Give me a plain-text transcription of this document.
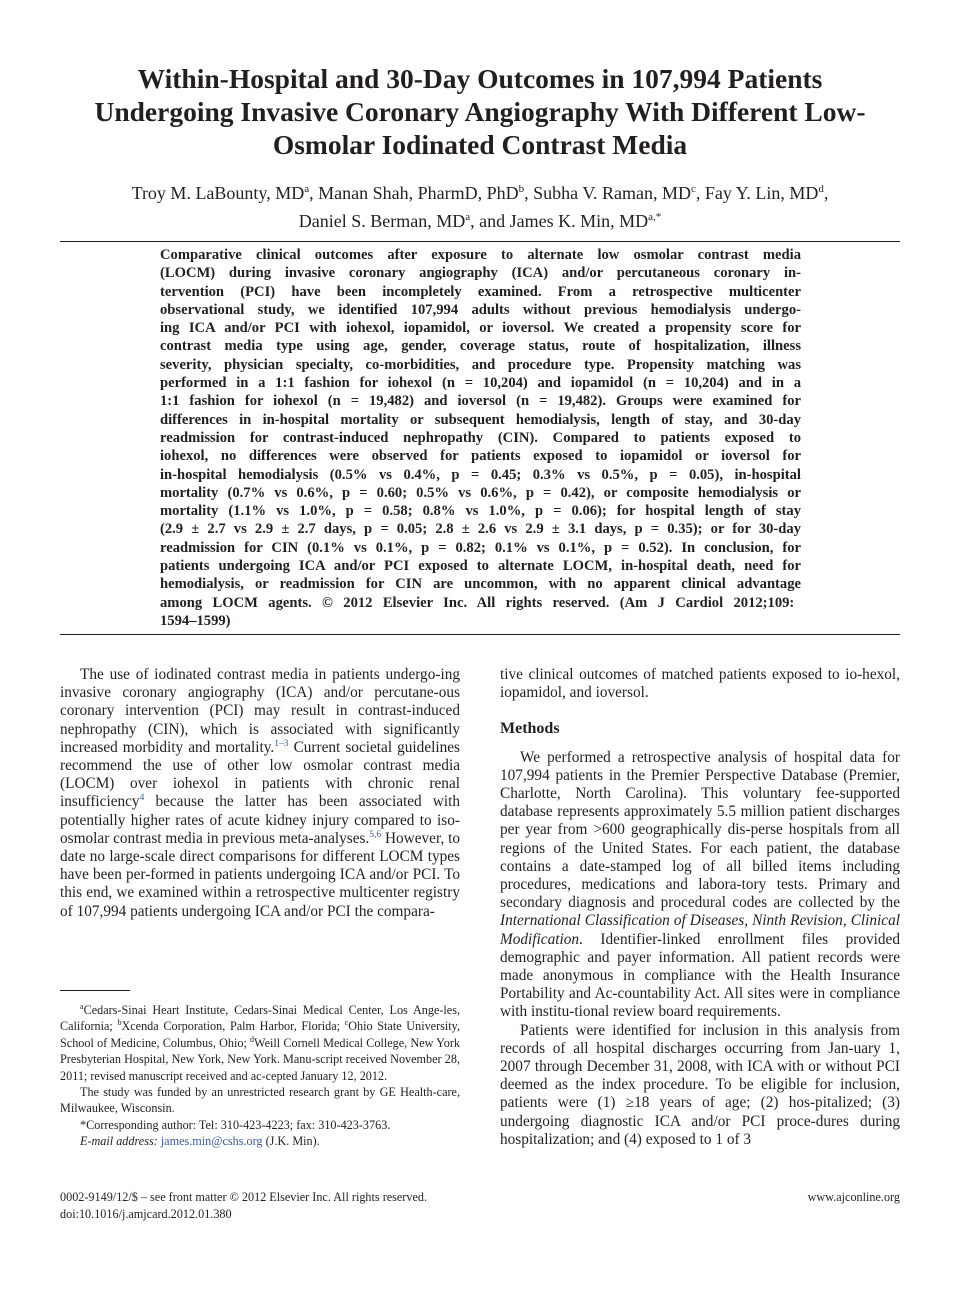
Within-Hospital and 30-Day Outcomes in 107,994 Patients
Undergoing Invasive Coronary Angiography With Different Low-
Osmolar Iodinated Contrast Media
Troy M. LaBounty, $MD^a$, Manan Shah, PharmD, PhD$^b$, Subha V. Raman, $MD^c$, Fay Y. Lin, $MD^d$,
Daniel S. Berman, $MD^a$, and James K. Min, $MD^{a,*}$
Comparative clinical outcomes after exposure to alternate low osmolar contrast media
(LOCM) during invasive coronary angiography (ICA) and/or percutaneous coronary in-
tervention (PCI) have been incompletely examined. From a retrospective multicenter
observational study, we identified 107,994 adults without previous hemodialysis undergo-
ing ICA and/or PCI with iohexol, iopamidol, or ioversol. We created a propensity score for
contrast media type using age, gender, coverage status, route of hospitalization, illness
severity, physician specialty, co-morbidities, and procedure type. Propensity matching was
performed in a 1:1 fashion for iohexol (n = 10,204) and iopamidol (n = 10,204) and in a
1:1 fashion for iohexol (n = 19,482) and ioversol (n = 19,482). Groups were examined for
differences in in-hospital mortality or subsequent hemodialysis, length of stay, and 30-day
readmission for contrast-induced nephropathy (CIN). Compared to patients exposed to
iohexol, no differences were observed for patients exposed to iopamidol or ioversol for
in-hospital hemodialysis (0.5% vs 0.4%, p = 0.45; 0.3% vs 0.5%, p = 0.05), in-hospital
mortality (0.7% vs 0.6%, p = 0.60; 0.5% vs 0.6%, p = 0.42), or composite hemodialysis or
mortality (1.1% vs 1.0%, p = 0.58; 0.8% vs 1.0%, p = 0.06); for hospital length of stay
(2.9 ± 2.7 vs 2.9 ± 2.7 days, p = 0.05; 2.8 ± 2.6 vs 2.9 ± 3.1 days, p = 0.35); or for 30-day
readmission for CIN (0.1% vs 0.1%, p = 0.82; 0.1% vs 0.1%, p = 0.52). In conclusion, for
patients undergoing ICA and/or PCI exposed to alternate LOCM, in-hospital death, need for
hemodialysis, or readmission for CIN are uncommon, with no apparent clinical advantage
among LOCM agents. © 2012 Elsevier Inc. All rights reserved. (Am J Cardiol 2012;109:
1594–1599)

The use of iodinated contrast media in patients undergo-ing invasive coronary angiography (ICA) and/or percutane-ous coronary intervention (PCI) may result in contrast-induced nephropathy (CIN), which is associated with significantly increased morbidity and mortality.$^{1-3}$ Current societal guidelines recommend the use of other low osmolar contrast media (LOCM) over iohexol in patients with chronic renal insufficiency$^4$ because the latter has been associated with potentially higher rates of acute kidney injury compared to iso-osmolar contrast media in previous meta-analyses.$^{5,6}$ However, to date no large-scale direct comparisons for different LOCM types have been per-formed in patients undergoing ICA and/or PCI. To this end, we examined within a retrospective multicenter registry of 107,994 patients undergoing ICA and/or PCI the compara-

tive clinical outcomes of matched patients exposed to io-hexol, iopamidol, and ioversol.

Methods

We performed a retrospective analysis of hospital data for 107,994 patients in the Premier Perspective Database (Premier, Charlotte, North Carolina). This voluntary fee-supported database represents approximately 5.5 million patient discharges per year from >600 geographically dis-perse hospitals from all regions of the United States. For each patient, the database contains a date-stamped log of all billed items including procedures, medications and labora-tory tests. Primary and secondary diagnosis and procedural codes are collected by the International Classification of Diseases, Ninth Revision, Clinical Modification. Identifier-linked enrollment files provided demographic and payer information. All patient records were made anonymous in compliance with the Health Insurance Portability and Ac-countability Act. All sites were in compliance with institu-tional review board requirements.

Patients were identified for inclusion in this analysis from records of all hospital discharges occurring from Jan-uary 1, 2007 through December 31, 2008, with ICA with or without PCI deemed as the index procedure. To be eligible for inclusion, patients were (1) ≥18 years of age; (2) hos-pitalized; (3) undergoing diagnostic ICA and/or PCI proce-dures during hospitalization; and (4) exposed to 1 of 3

$^a$Cedars-Sinai Heart Institute, Cedars-Sinai Medical Center, Los Ange-les, California; $^b$Xcenda Corporation, Palm Harbor, Florida; $^c$Ohio State University, School of Medicine, Columbus, Ohio; $^d$Weill Cornell Medical College, New York Presbyterian Hospital, New York, New York. Manu-script received November 28, 2011; revised manuscript received and ac-cepted January 12, 2012.

The study was funded by an unrestricted research grant by GE Health-care, Milwaukee, Wisconsin.

*Corresponding author: Tel: 310-423-4223; fax: 310-423-3763.

E-mail address: james.min@cshs.org (J.K. Min).

0002-9149/12/$ – see front matter © 2012 Elsevier Inc. All rights reserved.
doi:10.1016/j.amjcard.2012.01.380
www.ajconline.org
